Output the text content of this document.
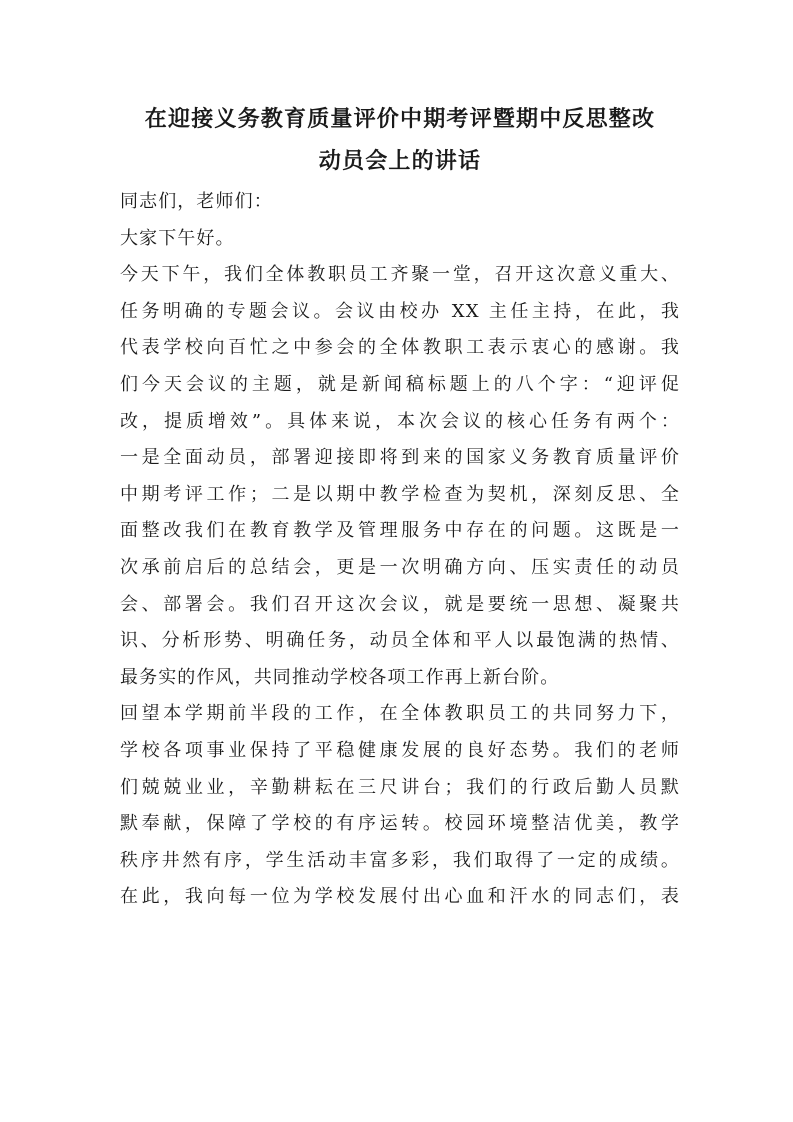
在迎接义务教育质量评价中期考评暨期中反思整改
动员会上的讲话
同志们，老师们：
大家下午好。
今天下午，我们全体教职员工齐聚一堂，召开这次意义重大、
任务明确的专题会议。会议由校办 XX 主任主持，在此，我
代表学校向百忙之中参会的全体教职工表示衷心的感谢。我
们今天会议的主题，就是新闻稿标题上的八个字：“迎评促
改，提质增效”。具体来说，本次会议的核心任务有两个：
一是全面动员，部署迎接即将到来的国家义务教育质量评价
中期考评工作；二是以期中教学检查为契机，深刻反思、全
面整改我们在教育教学及管理服务中存在的问题。这既是一
次承前启后的总结会，更是一次明确方向、压实责任的动员
会、部署会。我们召开这次会议，就是要统一思想、凝聚共
识、分析形势、明确任务，动员全体和平人以最饱满的热情、
最务实的作风，共同推动学校各项工作再上新台阶。
回望本学期前半段的工作，在全体教职员工的共同努力下，
学校各项事业保持了平稳健康发展的良好态势。我们的老师
们兢兢业业，辛勤耕耘在三尺讲台；我们的行政后勤人员默
默奉献，保障了学校的有序运转。校园环境整洁优美，教学
秩序井然有序，学生活动丰富多彩，我们取得了一定的成绩。
在此，我向每一位为学校发展付出心血和汗水的同志们，表
